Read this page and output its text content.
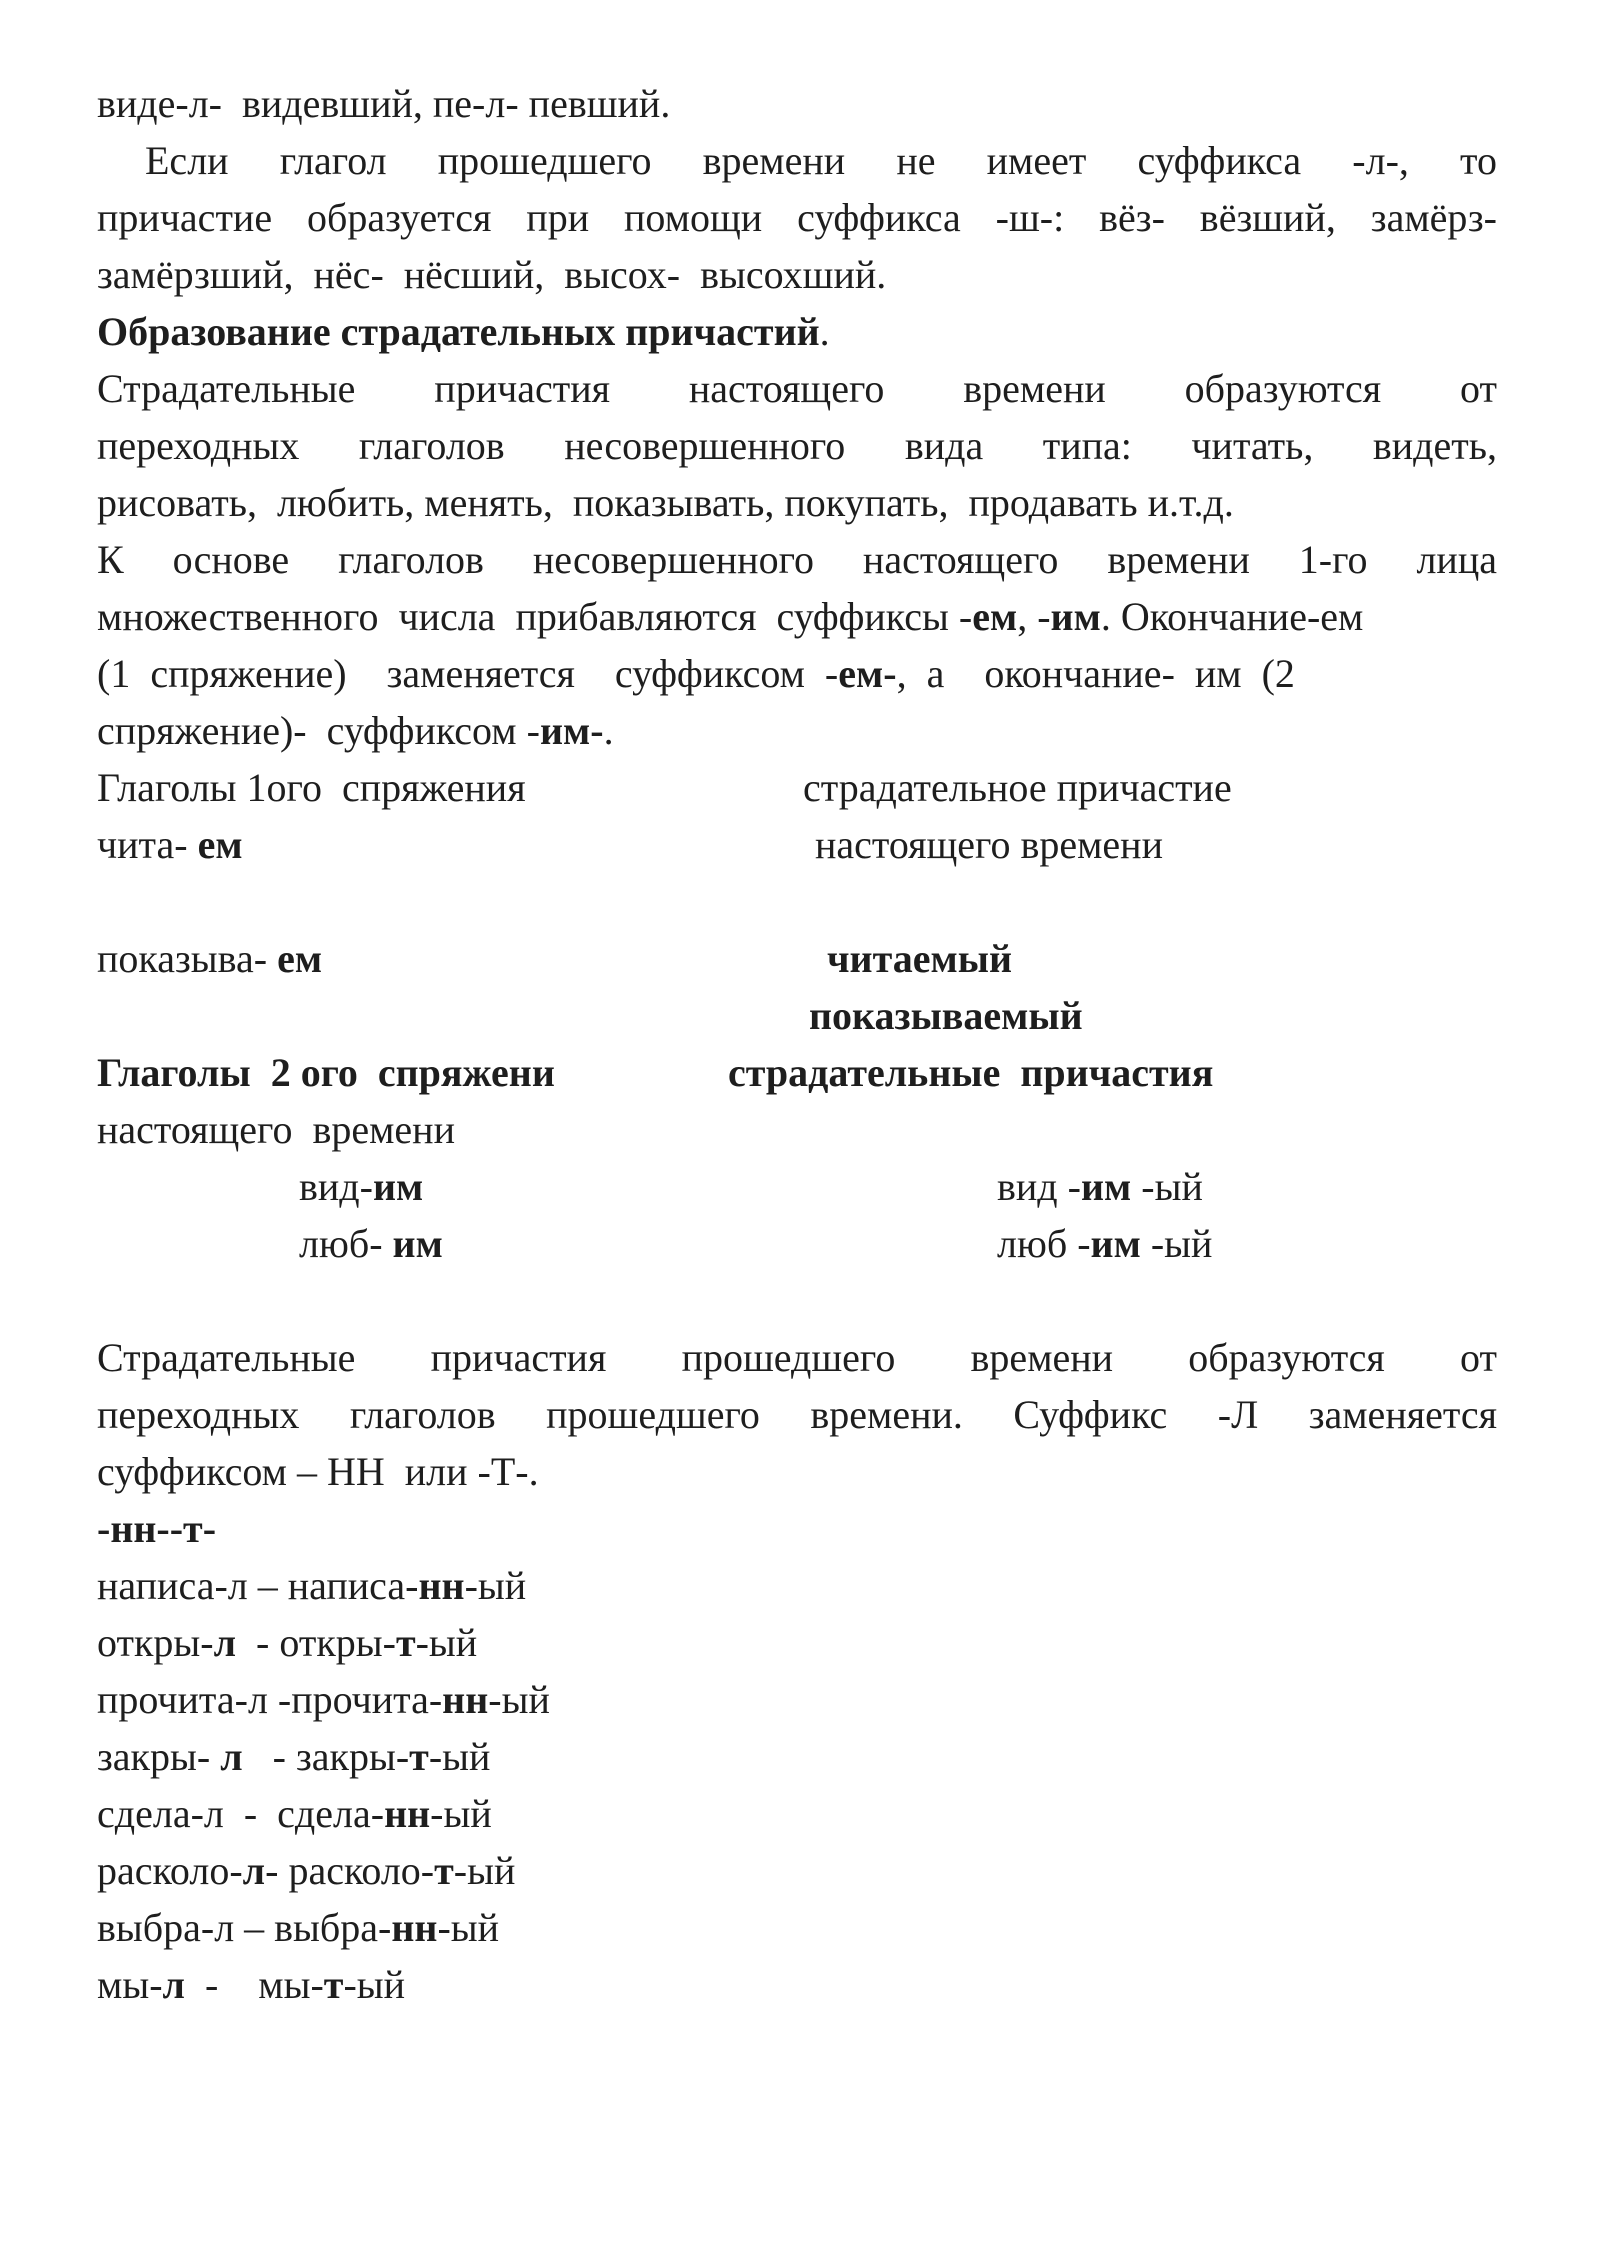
виде-л-  видевший, пе-л- певший.

Если глагол прошедшего времени не имеет суффикса -л-, то

причастие образуется при помощи суффикса -ш-: вёз- вёзший, замёрз-

замёрзший,  нёс-  нёсший,  высох-  высохший.

Образование страдательных причастий.

Страдательные причастия настоящего времени образуются от

переходных глаголов несовершенного вида типа: читать, видеть,

рисовать,  любить, менять,  показывать, покупать,  продавать и.т.д.

К основе глаголов несовершенного настоящего времени 1-го лица

множественного  числа  прибавляются  суффиксы -ем, -им. Окончание-ем

(1  спряжение)    заменяется    суффиксом  -ем-,  а    окончание-  им  (2

спряжение)-  суффиксом -им-.

Глаголы 1ого  спряжения	страдательное причастие
чита- ем	настоящего времени
показыва- ем	читаемый
показываемый
Глаголы  2 ого  спряжени	страдательные  причастия
настоящего  времени
вид-им	вид -им -ый
люб- им	люб -им -ый

Страдательные причастия прошедшего времени образуются от

переходных глаголов прошедшего времени. Суффикс -Л заменяется

суффиксом – НН  или -Т-.

-нн--т-

написа-л – написа-нн-ый

откры-л  - откры-т-ый

прочита-л -прочита-нн-ый

закры- л   - закры-т-ый

сдела-л  -  сдела-нн-ый

расколо-л- расколо-т-ый

выбра-л – выбра-нн-ый

мы-л  -    мы-т-ый
